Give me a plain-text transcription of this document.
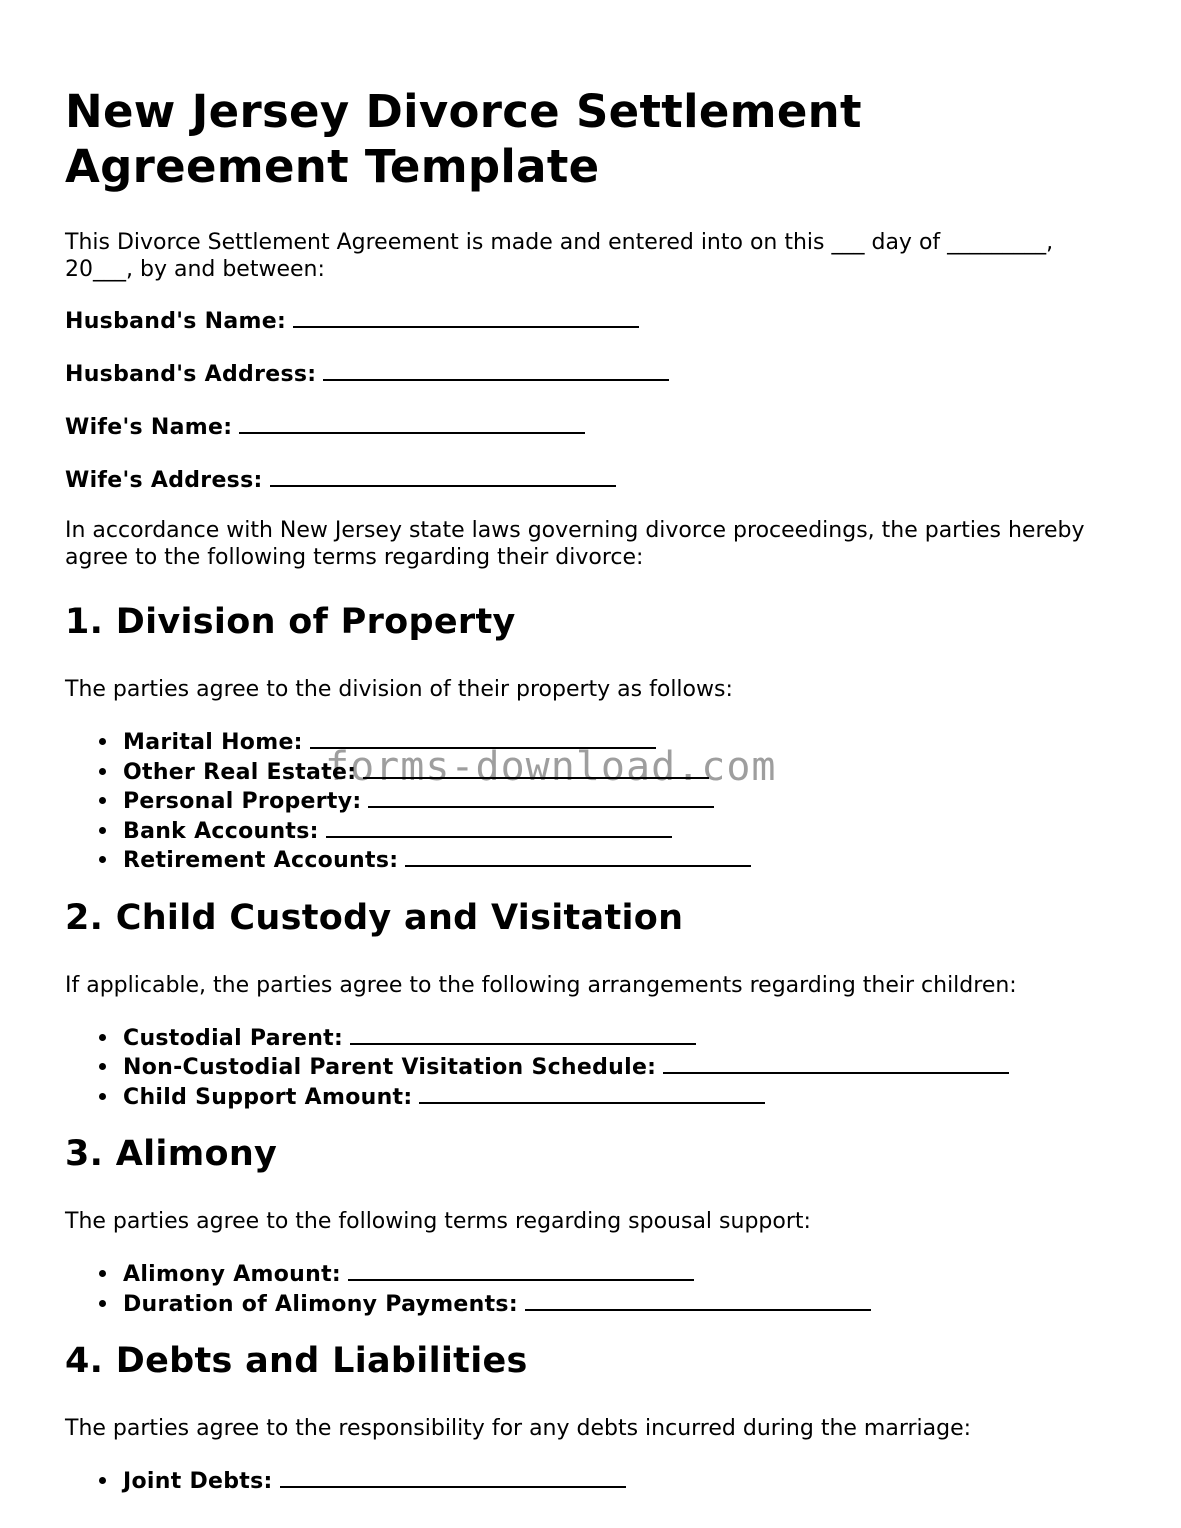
New Jersey Divorce Settlement Agreement Template

This Divorce Settlement Agreement is made and entered into on this ___ day of _________, 20___, by and between:

Husband's Name:
Husband's Address:
Wife's Name:
Wife's Address:

In accordance with New Jersey state laws governing divorce proceedings, the parties hereby agree to the following terms regarding their divorce:

1. Division of Property

The parties agree to the division of their property as follows:

Marital Home:
Other Real Estate:
Personal Property:
Bank Accounts:
Retirement Accounts:
2. Child Custody and Visitation

If applicable, the parties agree to the following arrangements regarding their children:

Custodial Parent:
Non-Custodial Parent Visitation Schedule:
Child Support Amount:
3. Alimony

The parties agree to the following terms regarding spousal support:

Alimony Amount:
Duration of Alimony Payments:
4. Debts and Liabilities

The parties agree to the responsibility for any debts incurred during the marriage:

Joint Debts:
forms-download.com
